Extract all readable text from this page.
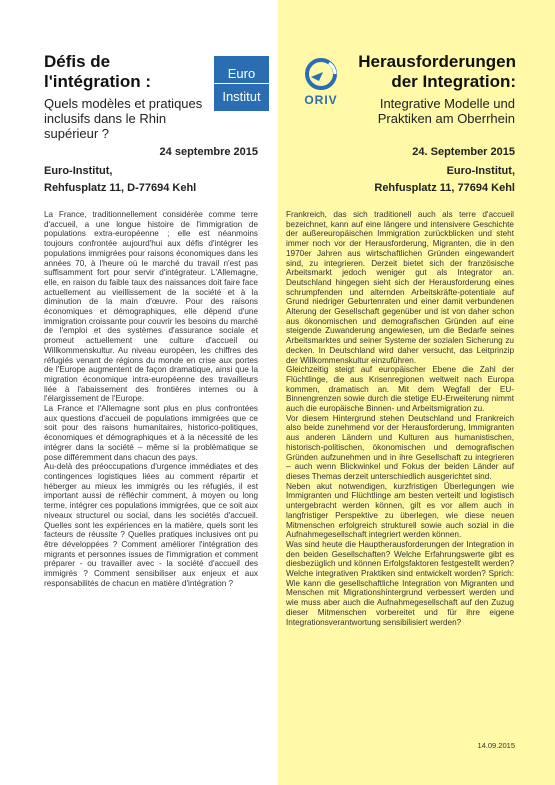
Défis de l'intégration :
Quels modèles et pratiques inclusifs dans le Rhin supérieur ?
Euro
Institut	ORIV
Herausforderungen der Integration:
Integrative Modelle und Praktiken am Oberrhein
24 septembre 2015	24. September 2015
Euro-Institut,
Rehfusplatz 11, D-77694 Kehl
Euro-Institut,
Rehfusplatz 11, 77694 Kehl

La France, traditionnellement considérée comme terre d'accueil, a une longue histoire de l'immigration de populations extra-européenne ; elle est néanmoins toujours confrontée aujourd'hui aux défis d'intégrer les populations immigrées pour raisons économiques dans les années 70, à l'heure où le marché du travail n'est pas suffisamment fort pour servir d'intégrateur. L'Allemagne, elle, en raison du faible taux des naissances doit faire face actuellement au vieillissement de la société et à la diminution de la main d'œuvre. Pour des raisons économiques et démographiques, elle dépend d'une immigration croissante pour couvrir les besoins du marché de l'emploi et des systèmes d'assurance sociale et promeut actuellement une culture d'accueil ou Willkommenskultur. Au niveau européen, les chiffres des réfugiés venant de régions du monde en crise aux portes de l'Europe augmentent de façon dramatique, ainsi que la migration économique intra-européenne des travailleurs liée à l'abaissement des frontières internes ou à l'élargissement de l'Europe.

La France et l'Allemagne sont plus en plus confrontées aux questions d'accueil de populations immigrées que ce soit pour des raisons humanitaires, historico-politiques, économiques et démographiques et à la nécessité de les intégrer dans la société – même si la problématique se pose différemment dans chacun des pays.

Au-delà des préoccupations d'urgence immédiates et des contingences logistiques liées au comment répartir et héberger au mieux les immigrés ou les réfugiés, il est important aussi de réfléchir comment, à moyen ou long terme, intégrer ces populations immigrées, que ce soit aux niveaux structurel ou social, dans les sociétés d'accueil. Quelles sont les expériences en la matière, quels sont les facteurs de réussite ? Quelles pratiques inclusives ont pu être développées ? Comment améliorer l'intégration des migrants et personnes issues de l'immigration et comment préparer - ou travailler avec - la société d'accueil des immigrés ? Comment sensibiliser aux enjeux et aux responsabilités de chacun en matière d'intégration ?

Frankreich, das sich traditionell auch als terre d'accueil bezeichnet, kann auf eine längere und intensivere Geschichte der außereuropäischen Immigration zurückblicken und steht immer noch vor der Herausforderung, Migranten, die in den 1970er Jahren aus wirtschaftlichen Gründen eingewandert sind, zu integrieren. Derzeit bietet sich der französische Arbeitsmarkt jedoch weniger gut als Integrator an. Deutschland hingegen sieht sich der Herausforderung eines schrumpfenden und alternden Arbeitskräfte-potentiale auf Grund niedriger Geburtenraten und einer damit verbundenen Alterung der Gesellschaft gegenüber und ist von daher schon aus ökonomischen und demografischen Gründen auf eine steigende Zuwanderung angewiesen, um die Bedarfe seines Arbeitsmarktes und seiner Systeme der sozialen Sicherung zu decken. In Deutschland wird daher versucht, das Leitprinzip der Willkommenskultur einzuführen.

Gleichzeitig steigt auf europäischer Ebene die Zahl der Flüchtlinge, die aus Krisenregionen weltweit nach Europa kommen, dramatisch an. Mit dem Wegfall der EU-Binnengrenzen sowie durch die stetige EU-Erweiterung nimmt auch die europäische Binnen- und Arbeitsmigration zu.

Vor diesem Hintergrund stehen Deutschland und Frankreich also beide zunehmend vor der Herausforderung, Immigranten aus anderen Ländern und Kulturen aus humanistischen, historisch-politischen, ökonomischen und demografischen Gründen aufzunehmen und in ihre Gesellschaft zu integrieren – auch wenn Blickwinkel und Fokus der beiden Länder auf dieses Themas derzeit unterschiedlich ausgerichtet sind.

Neben akut notwendigen, kurzfristigen Überlegungen wie Immigranten und Flüchtlinge am besten verteilt und logistisch untergebracht werden können, gilt es vor allem auch in langfristiger Perspektive zu überlegen, wie diese neuen Mitmenschen erfolgreich strukturell sowie auch sozial in die Aufnahmegesellschaft integriert werden können.

Was sind heute die Hauptherausforderungen der Integration in den beiden Gesellschaften? Welche Erfahrungswerte gibt es diesbezüglich und können Erfolgsfaktoren festgestellt werden? Welche integrativen Praktiken sind entwickelt worden? Sprich: Wie kann die gesellschaftliche Integration von Migranten und Menschen mit Migrationshintergrund verbessert werden und wie muss aber auch die Aufnahmegesellschaft auf den Zuzug dieser Mitmenschen vorbereitet und für ihre eigene Integrationsverantwortung sensibilisiert werden?

14.09.2015
